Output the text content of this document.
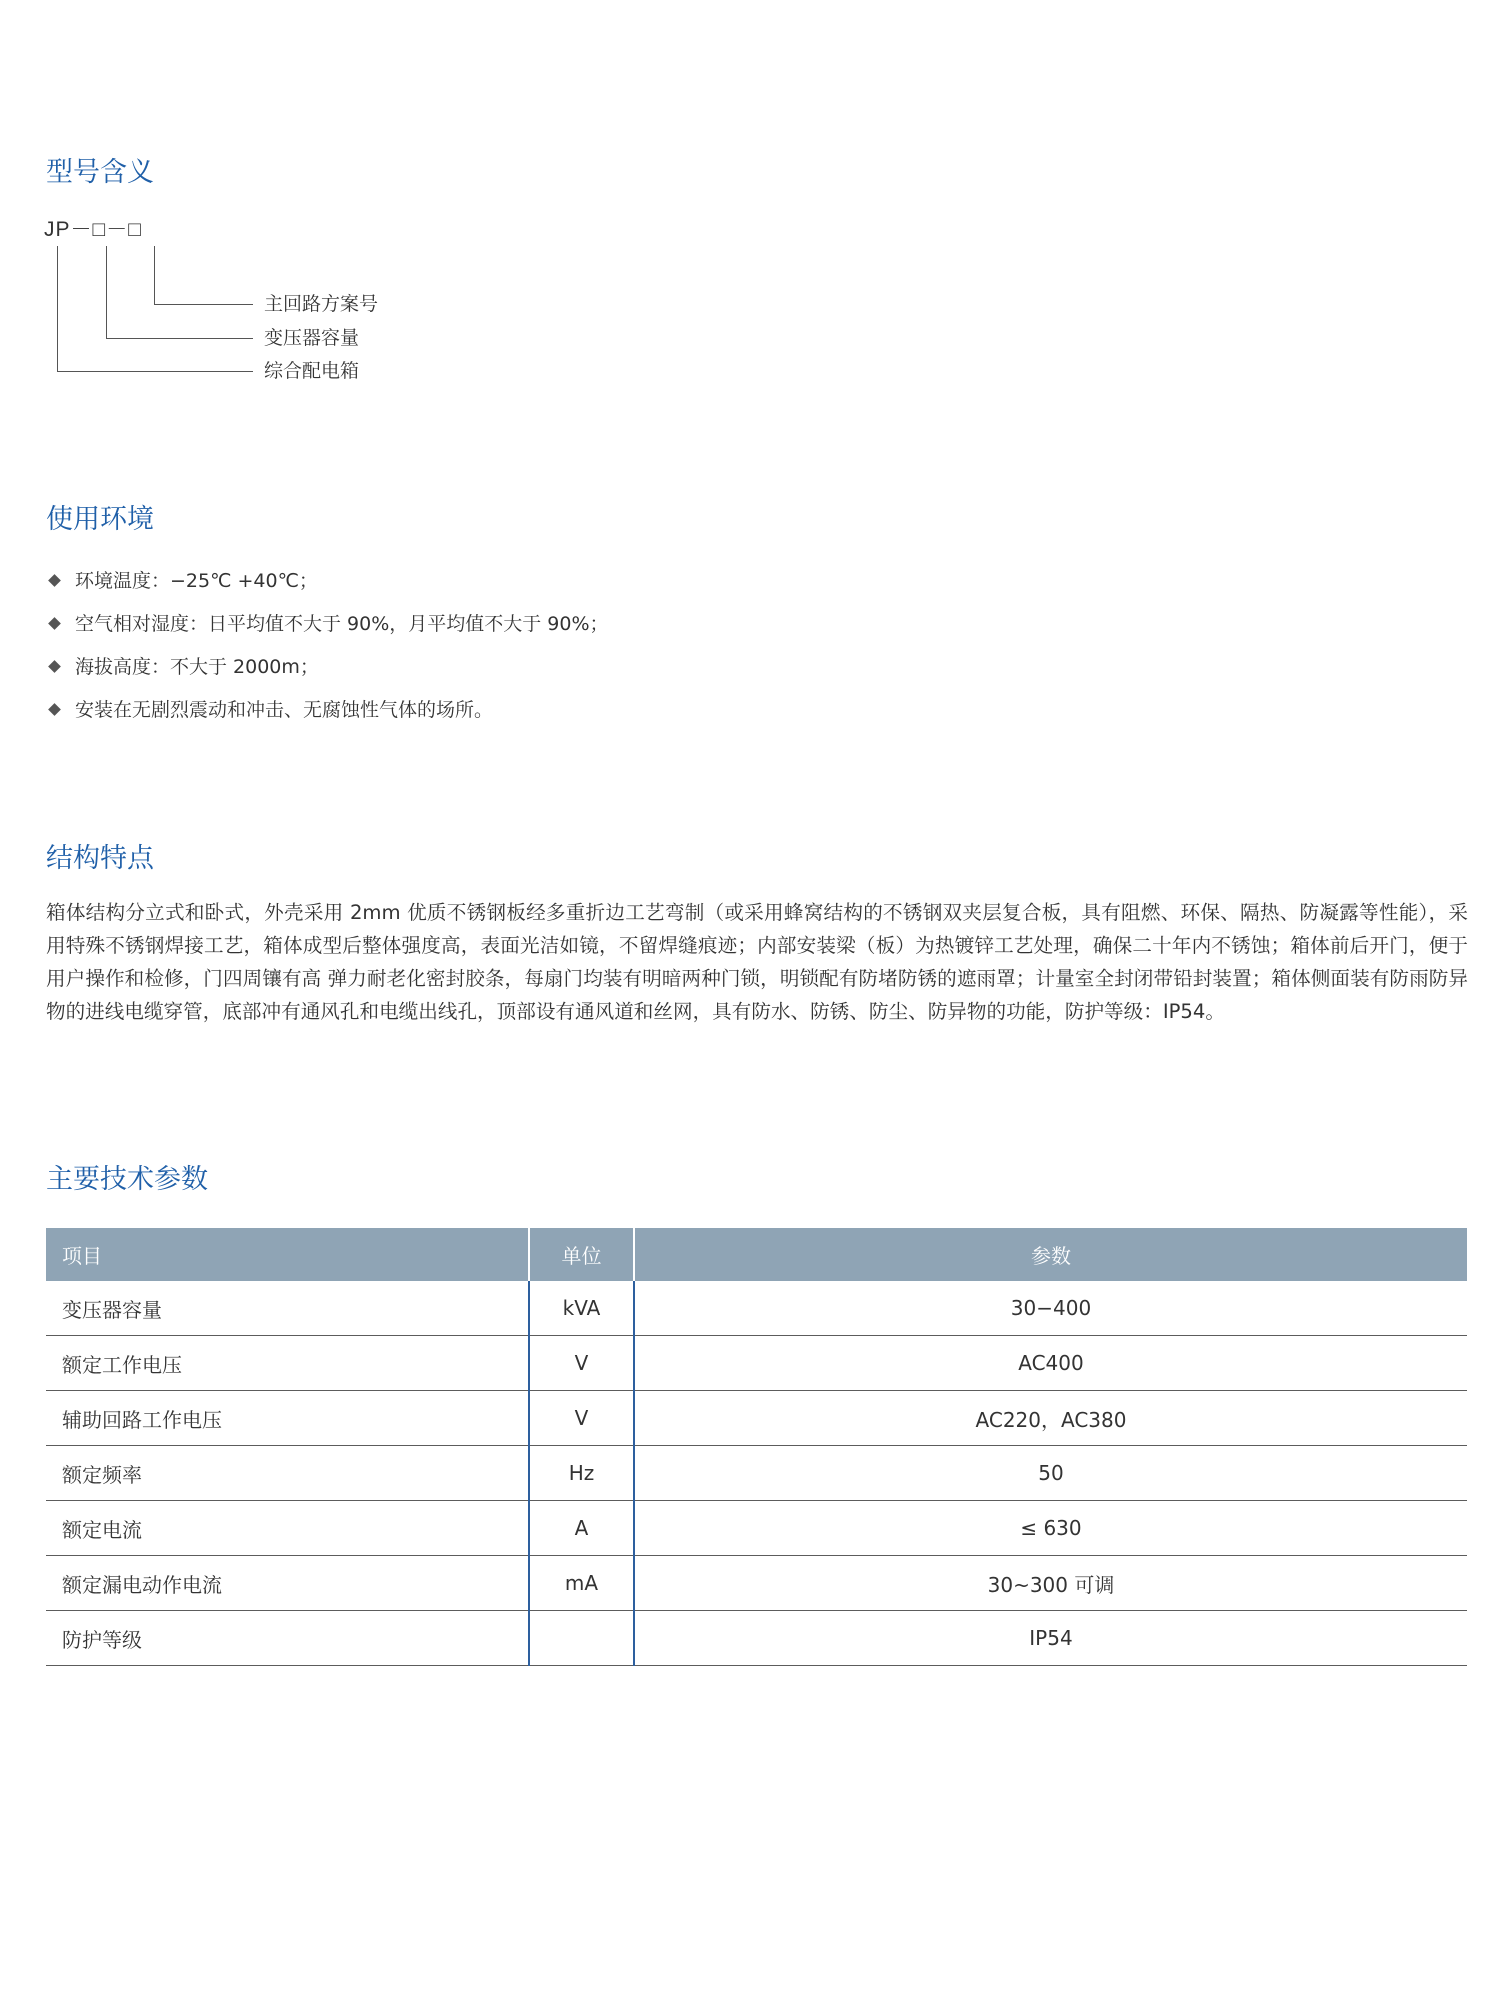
型号含义
JP－□－□
主回路方案号
变压器容量
综合配电箱
使用环境
环境温度：−25℃ +40℃；
空气相对湿度：日平均值不大于 90%，月平均值不大于 90%；
海拔高度：不大于 2000m；
安装在无剧烈震动和冲击、无腐蚀性气体的场所。
结构特点

箱体结构分立式和卧式，外壳采用 2mm 优质不锈钢板经多重折边工艺弯制（或采用蜂窝结构的不锈钢双夹层复合板，具有阻燃、环保、隔热、防凝露等性能），采用特殊不锈钢焊接工艺，箱体成型后整体强度高，表面光洁如镜，不留焊缝痕迹；内部安装梁（板）为热镀锌工艺处理，确保二十年内不锈蚀；箱体前后开门，便于用户操作和检修，门四周镶有高 弹力耐老化密封胶条，每扇门均装有明暗两种门锁，明锁配有防堵防锈的遮雨罩；计量室全封闭带铅封装置；箱体侧面装有防雨防异物的进线电缆穿管，底部冲有通风孔和电缆出线孔，顶部设有通风道和丝网，具有防水、防锈、防尘、防异物的功能，防护等级：IP54。

主要技术参数
项目	单位	参数
变压器容量	kVA	30−400
额定工作电压	V	AC400
辅助回路工作电压	V	AC220，AC380
额定频率	Hz	50
额定电流	A	≤ 630
额定漏电动作电流	mA	30~300 可调
防护等级		IP54
